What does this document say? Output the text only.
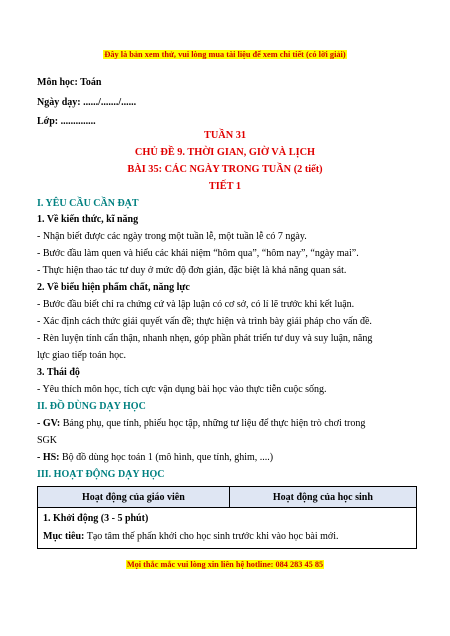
Đây là bản xem thử, vui lòng mua tài liệu để xem chi tiết (có lời giải)
Môn học: Toán
Ngày dạy: ....../......./......
Lớp: ..............
TUẦN 31
CHỦ ĐỀ 9. THỜI GIAN, GIỜ VÀ LỊCH
BÀI 35: CÁC NGÀY TRONG TUẦN (2 tiết)
TIẾT 1
I. YÊU CẦU CẦN ĐẠT
1. Về kiến thức, kĩ năng
- Nhận biết được các ngày trong một tuần lễ, một tuần lễ có 7 ngày.
- Bước đầu làm quen và hiểu các khái niệm “hôm qua”, “hôm nay”, “ngày mai”.
- Thực hiện thao tác tư duy ở mức độ đơn giản, đặc biệt là khả năng quan sát.
2. Về biểu hiện phẩm chất, năng lực
- Bước đầu biết chỉ ra chứng cứ và lập luận có cơ sở, có lí lẽ trước khi kết luận.
- Xác định cách thức giải quyết vấn đề; thực hiện và trình bày giải pháp cho vấn đề.
- Rèn luyện tính cẩn thận, nhanh nhẹn, góp phần phát triển tư duy và suy luận, năng
lực giao tiếp toán học.
3. Thái độ
- Yêu thích môn học, tích cực vận dụng bài học vào thực tiễn cuộc sống.
II. ĐỒ DÙNG DẠY HỌC
- GV: Bảng phụ, que tính, phiếu học tập, những tư liệu để thực hiện trò chơi trong
SGK
- HS: Bộ đồ dùng học toán 1 (mô hình, que tính, ghim, ....)
III. HOẠT ĐỘNG DẠY HỌC
Hoạt động của giáo viên	Hoạt động của học sinh

1. Khởi động (3 - 5 phút)
Mục tiêu: Tạo tâm thế phấn khởi cho học sinh trước khi vào học bài mới.
Mọi thắc mắc vui lòng xin liên hệ hotline: 084 283 45 85
